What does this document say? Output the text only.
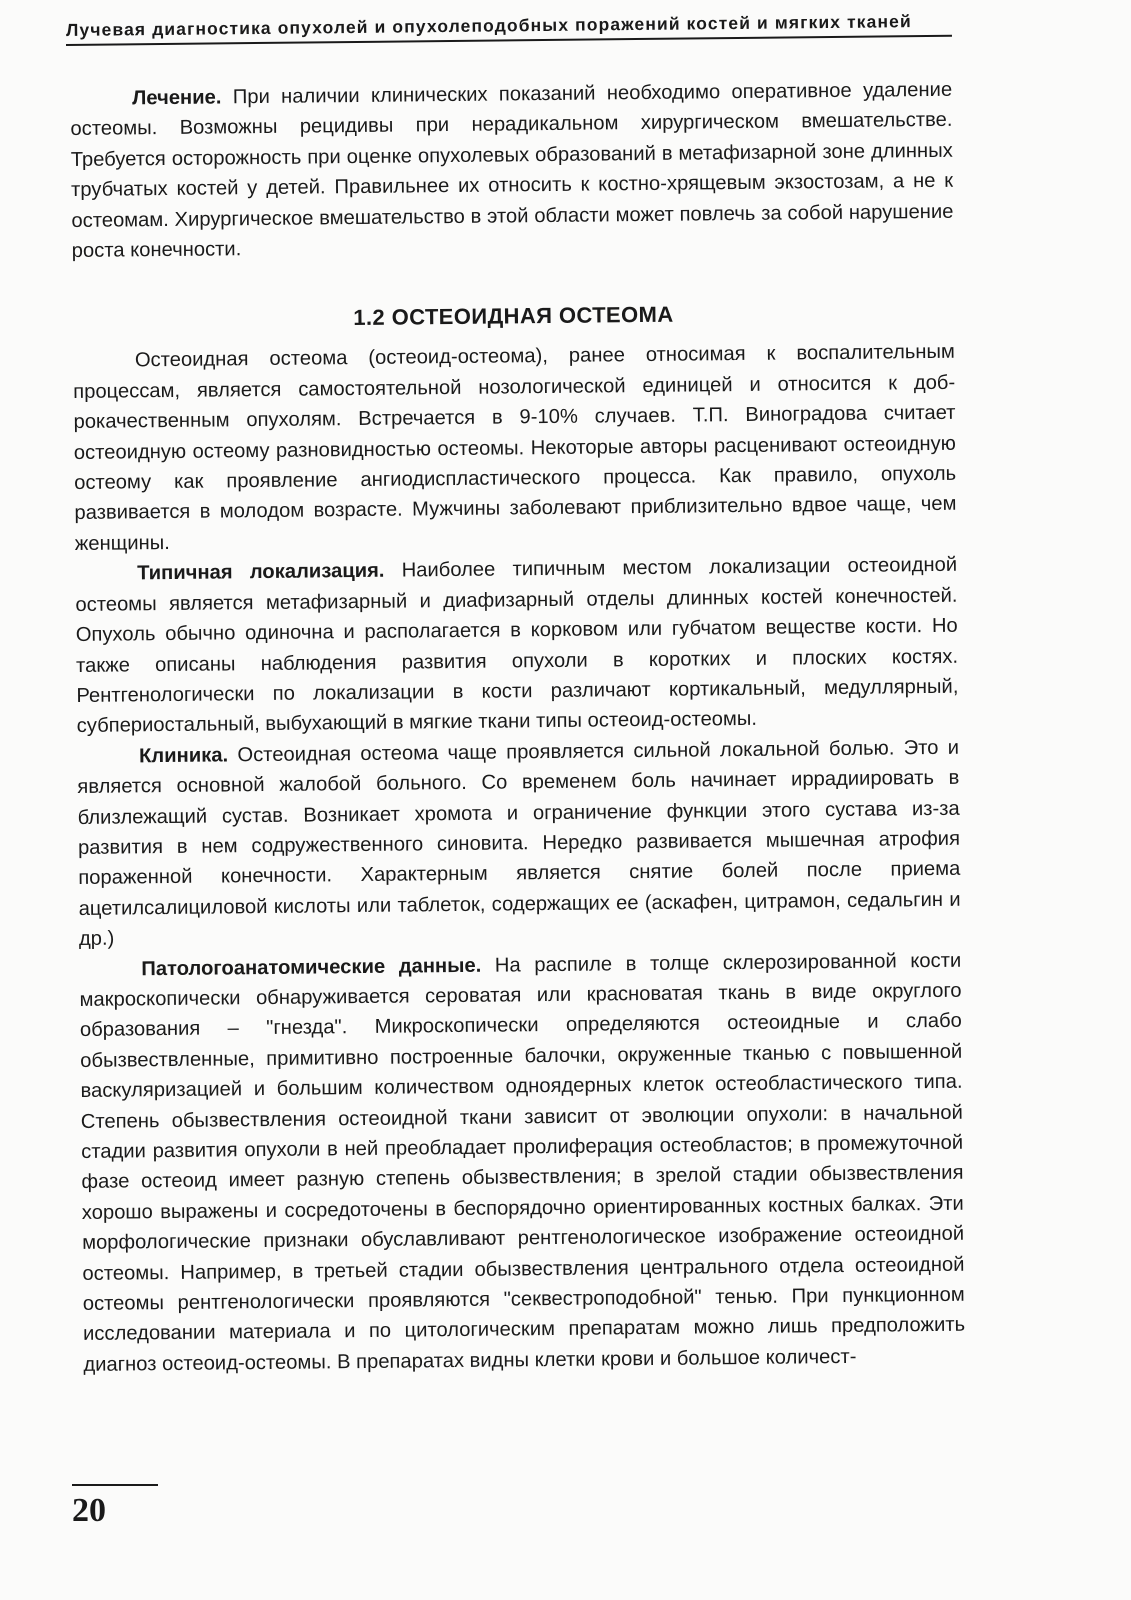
Лучевая диагностика опухолей и опухолеподобных поражений костей и мягких тканей

Лечение. При наличии клинических показаний необходимо оперативное удаление остеомы. Возможны рецидивы при нерадикальном хирургическом вмешательстве. Требуется осторожность при оценке опухолевых образований в метафизарной зоне длинных трубчатых костей у детей. Правильнее их относить к костно-хрящевым экзостозам, а не к остеомам. Хирургическое вмешательство в этой области может повлечь за собой нарушение роста конечности.

1.2 ОСТЕОИДНАЯ ОСТЕОМА

Остеоидная остеома (остеоид-остеома), ранее относимая к воспалительным процессам, является самостоятельной нозологической единицей и относится к доброкачественным опухолям. Встречается в 9-10% случаев. Т.П. Виноградова считает остеоидную остеому разновидностью остеомы. Некоторые авторы расценивают остеоидную остеому как проявление ангиодиспластического процесса. Как правило, опухоль развивается в молодом возрасте. Мужчины заболевают приблизительно вдвое чаще, чем женщины.

Типичная локализация. Наиболее типичным местом локализации остеоидной остеомы является метафизарный и диафизарный отделы длинных костей конечностей. Опухоль обычно одиночна и располагается в корковом или губчатом веществе кости. Но также описаны наблюдения развития опухоли в коротких и плоских костях. Рентгенологически по локализации в кости различают кортикальный, медуллярный, субпериостальный, выбухающий в мягкие ткани типы остеоид-остеомы.

Клиника. Остеоидная остеома чаще проявляется сильной локальной болью. Это и является основной жалобой больного. Со временем боль начинает иррадиировать в близлежащий сустав. Возникает хромота и ограничение функции этого сустава из-за развития в нем содружественного синовита. Нередко развивается мышечная атрофия пораженной конечности. Характерным является снятие болей после приема ацетилсалициловой кислоты или таблеток, содержащих ее (аскафен, цитрамон, седальгин и др.)

Патологоанатомические данные. На распиле в толще склерозированной кости макроскопически обнаруживается сероватая или красноватая ткань в виде округлого образования – "гнезда". Микроскопически определяются остеоидные и слабо обызвествленные, примитивно построенные балочки, окруженные тканью с повышенной васкуляризацией и большим количеством одноядерных клеток остеобластического типа. Степень обызвествления остеоидной ткани зависит от эволюции опухоли: в начальной стадии развития опухоли в ней преобладает пролиферация остеобластов; в промежуточной фазе остеоид имеет разную степень обызвествления; в зрелой стадии обызвествления хорошо выражены и сосредоточены в беспорядочно ориентированных костных балках. Эти морфологические признаки обуславливают рентгенологическое изображение остеоидной остеомы. Например, в третьей стадии обызвествления центрального отдела остеоидной остеомы рентгенологически проявляются "секвестроподобной" тенью. При пункционном исследовании материала и по цитологическим препаратам можно лишь предположить диагноз остеоид-остеомы. В препаратах видны клетки крови и большое количест-

20
